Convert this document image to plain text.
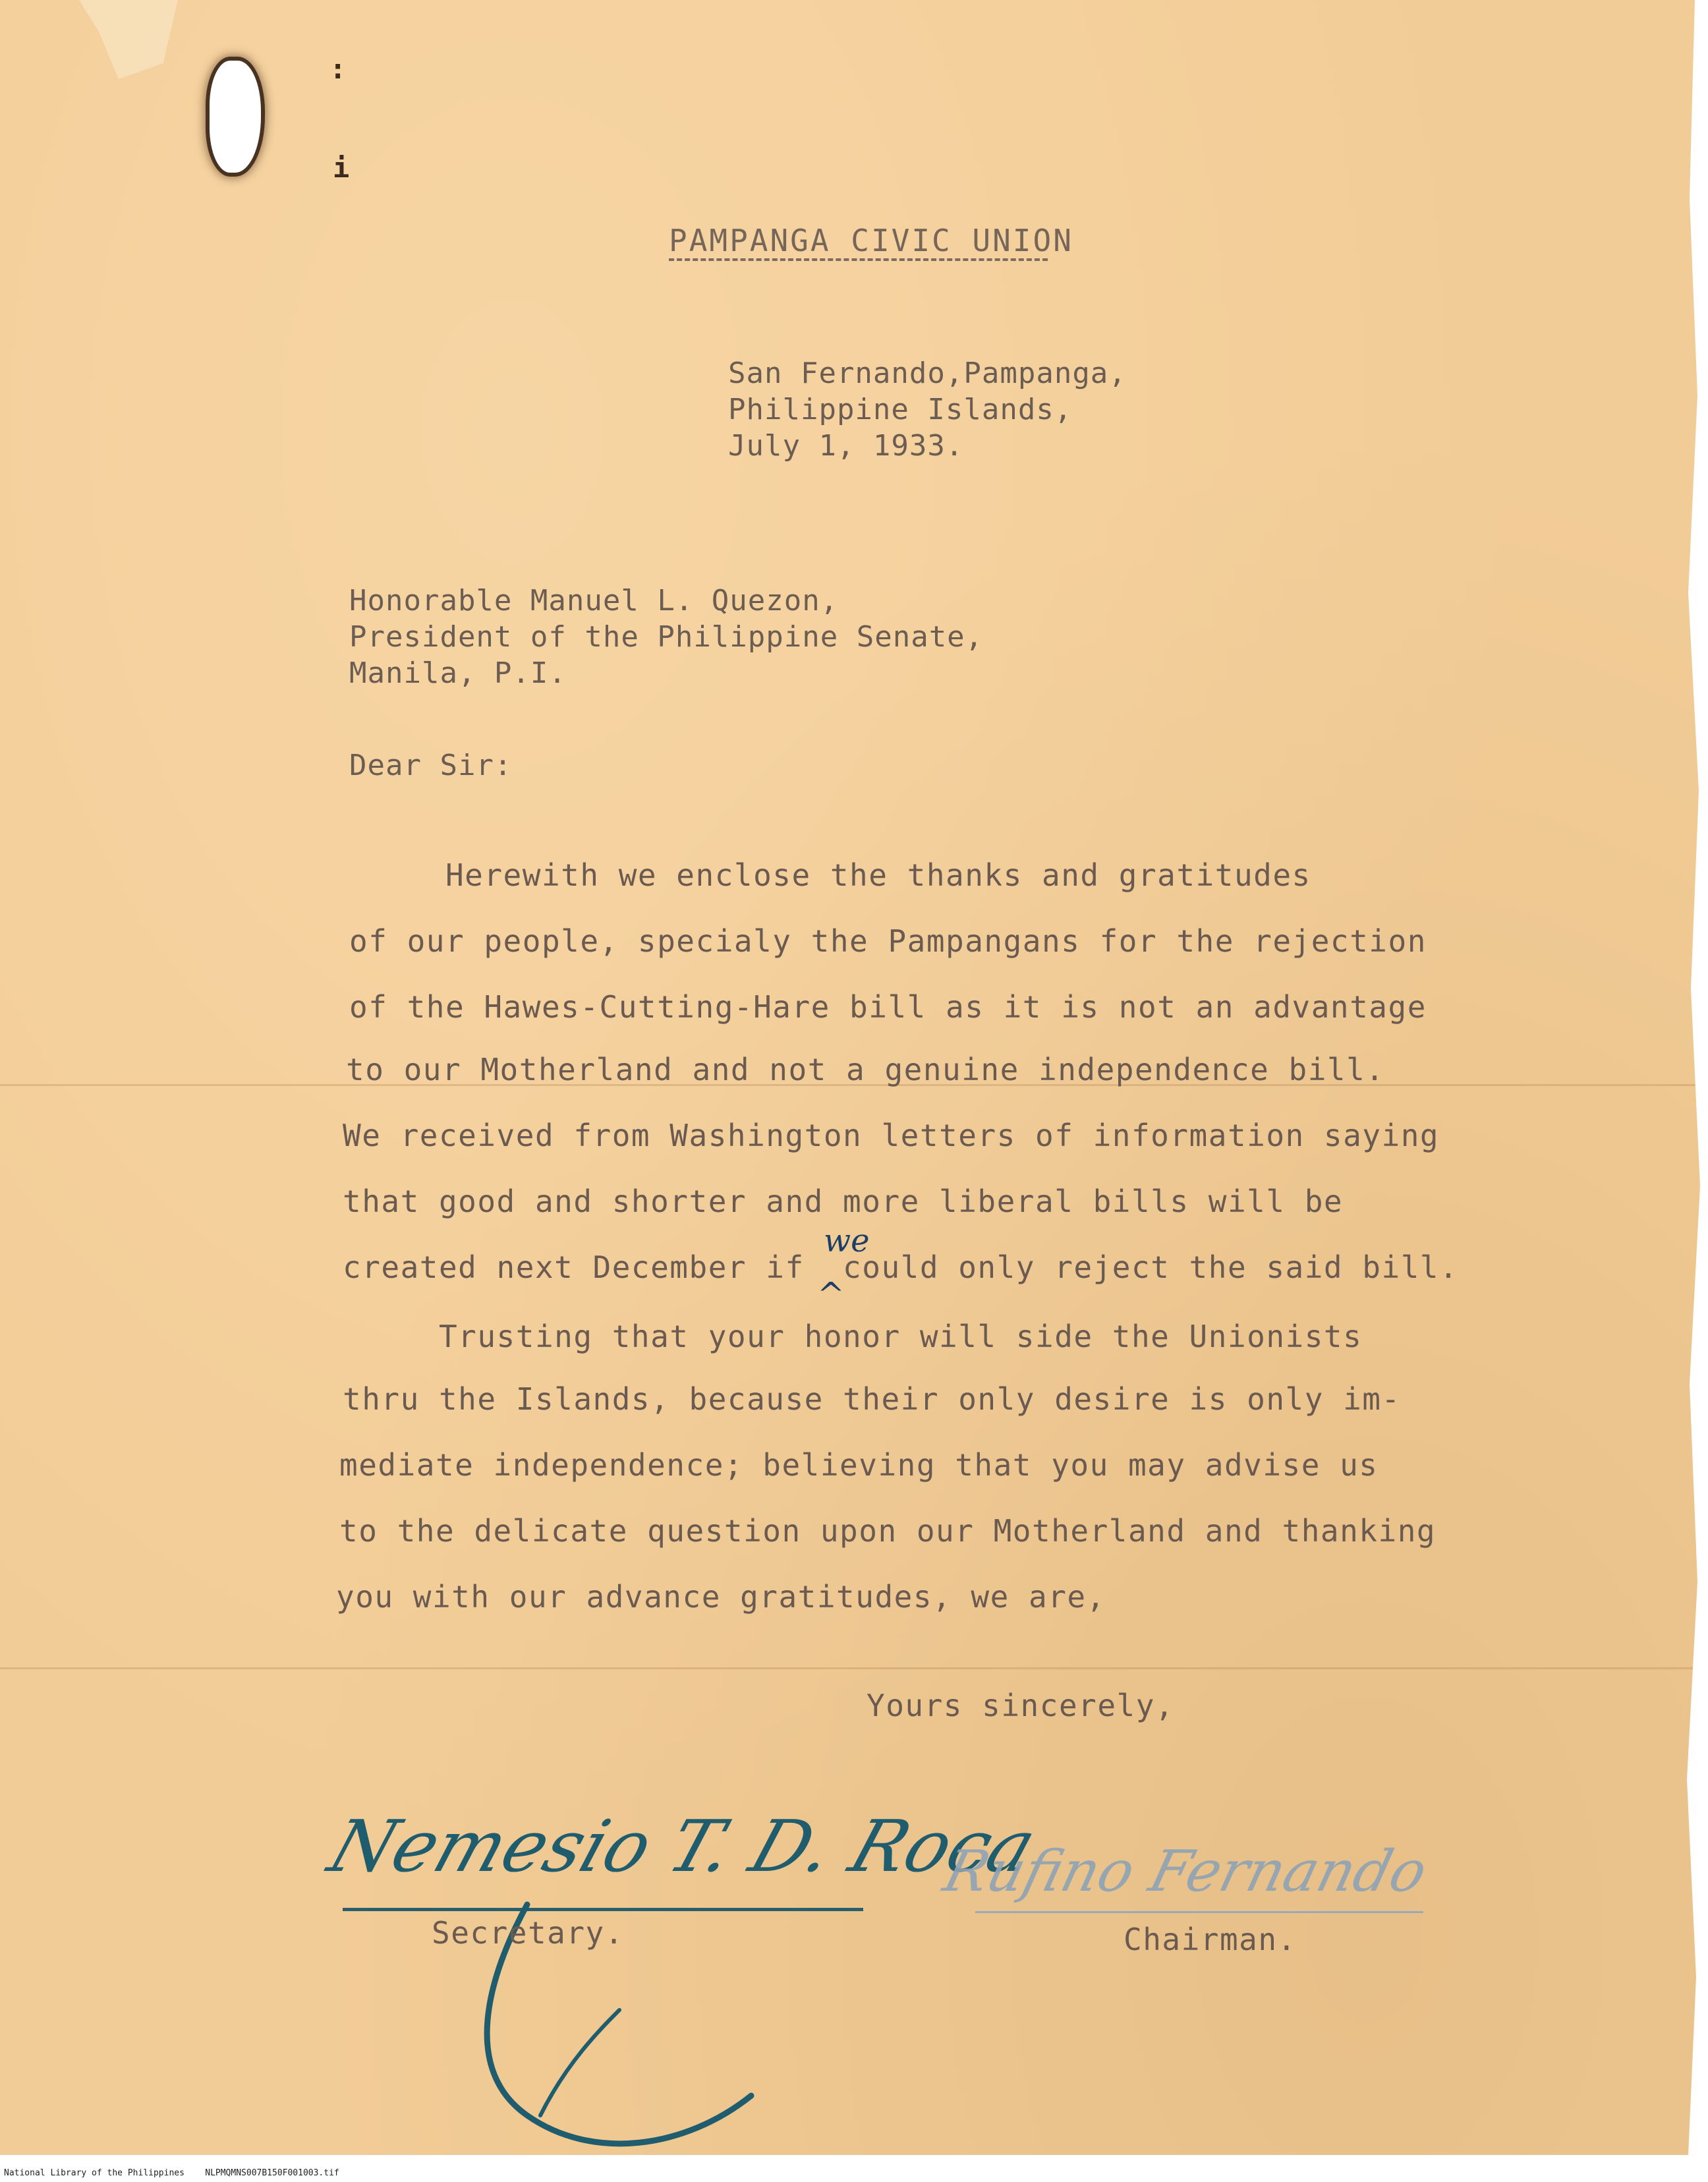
:
i
PAMPANGA CIVIC UNION
San Fernando,Pampanga,
Philippine Islands,
July 1, 1933.
Honorable Manuel L. Quezon,
President of the Philippine Senate,
Manila, P.I.
Dear Sir:
Herewith we enclose the thanks and gratitudes
of our people, specialy the Pampangans for the rejection
of the Hawes-Cutting-Hare bill as it is not an advantage
to our Motherland and not a genuine independence bill.
We received from Washington letters of information saying
that good and shorter and more liberal bills will be
created next December if  could only reject the said bill.
we
^
Trusting that your honor will side the Unionists
thru the Islands, because their only desire is only im-
mediate independence; believing that you may advise us
to the delicate question upon our Motherland and thanking
you with our advance gratitudes, we are,
Yours sincerely,
Nemesio T. D. Roca
Secretary.
Rufino Fernando
Chairman.
National Library of the Philippines NLPMQMNS007B150F001003.tif
